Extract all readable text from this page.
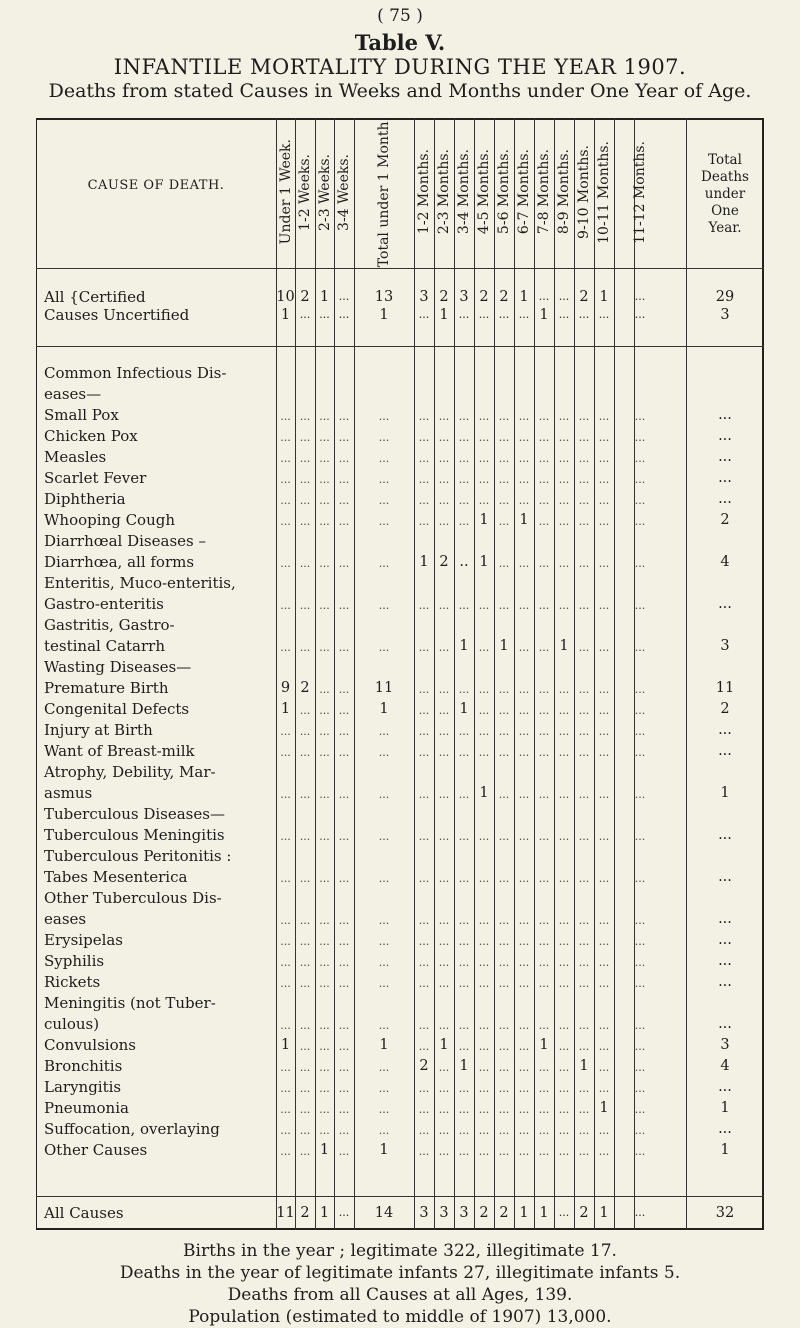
( 75 )
Table V.
INFANTILE MORTALITY DURING THE YEAR 1907.
Deaths from stated Causes in Weeks and Months under One Year of Age.
CAUSE OF DEATH.
Total
Deaths
under
One
Year.
Under 1 Week. 1-2 Weeks. 2-3 Weeks. 3-4 Weeks. Total under 1 Month. 1-2 Months. 2-3 Months. 3-4 Months. 4-5 Months. 5-6 Months. 6-7 Months. 7-8 Months. 8-9 Months. 9-10 Months. 10-11 Months. 11-12 Months.
All {Certified	10 2 1 ...	13	3 2 3 2 2 1 ... ... 2 1	...	29
Causes Uncertified	1 ... ... ...	1	... 1 ... ... ... ... 1 ... ... ...	...	3
Common Infectious Dis-
eases—
Small Pox	... ... ... ...	...	... ... ... ... ... ... ... ... ... ...	...	...
Chicken Pox	... ... ... ...	...	... ... ... ... ... ... ... ... ... ...	...	...
Measles	... ... ... ...	...	... ... ... ... ... ... ... ... ... ...	...	...
Scarlet Fever	... ... ... ...	...	... ... ... ... ... ... ... ... ... ...	...	...
Diphtheria	... ... ... ...	...	... ... ... ... ... ... ... ... ... ...	...	...
Whooping Cough	... ... ... ...	...	... ... ... 1 ... 1 ... ... ... ...	...	2
Diarrhœal Diseases –
Diarrhœa, all forms	... ... ... ...	...	1 2 .. 1 ... ... ... ... ... ...	...	4
Enteritis, Muco-enteritis,
Gastro-enteritis	... ... ... ...	...	... ... ... ... ... ... ... ... ... ...	...	...
Gastritis, Gastro-
testinal Catarrh	... ... ... ...	...	... ... 1 ... 1 ... ... 1 ... ...	...	3
Wasting Diseases—
Premature Birth	9 2 ... ...	11	... ... ... ... ... ... ... ... ... ...	...	11
Congenital Defects	1 ... ... ...	1	... ... 1 ... ... ... ... ... ... ...	...	2
Injury at Birth	... ... ... ...	...	... ... ... ... ... ... ... ... ... ...	...	...
Want of Breast-milk	... ... ... ...	...	... ... ... ... ... ... ... ... ... ...	...	...
Atrophy, Debility, Mar-
asmus	... ... ... ...	...	... ... ... 1 ... ... ... ... ... ...	...	1
Tuberculous Diseases—
Tuberculous Meningitis	... ... ... ...	...	... ... ... ... ... ... ... ... ... ...	...	...
Tuberculous Peritonitis :
Tabes Mesenterica	... ... ... ...	...	... ... ... ... ... ... ... ... ... ...	...	...
Other Tuberculous Dis-
eases	... ... ... ...	...	... ... ... ... ... ... ... ... ... ...	...	...
Erysipelas	... ... ... ...	...	... ... ... ... ... ... ... ... ... ...	...	...
Syphilis	... ... ... ...	...	... ... ... ... ... ... ... ... ... ...	...	...
Rickets	... ... ... ...	...	... ... ... ... ... ... ... ... ... ...	...	...
Meningitis (not Tuber-
culous)	... ... ... ...	...	... ... ... ... ... ... ... ... ... ...	...	...
Convulsions	1 ... ... ...	1	... 1 ... ... ... ... 1 ... ... ...	...	3
Bronchitis	... ... ... ...	...	2 ... 1 ... ... ... ... ... 1 ...	...	4
Laryngitis	... ... ... ...	...	... ... ... ... ... ... ... ... ... ...	...	...
Pneumonia	... ... ... ...	...	... ... ... ... ... ... ... ... ... 1	...	1
Suffocation, overlaying	... ... ... ...	...	... ... ... ... ... ... ... ... ... ...	...	...
Other Causes	... ... 1 ...	1	... ... ... ... ... ... ... ... ... ...	...	1
All Causes	11 2 1 ...	14	3 3 3 2 2 1 1 ... 2 1	...	32
Births in the year ; legitimate 322, illegitimate 17.
Deaths in the year of legitimate infants 27, illegitimate infants 5.
Deaths from all Causes at all Ages, 139.
Population (estimated to middle of 1907) 13,000.
